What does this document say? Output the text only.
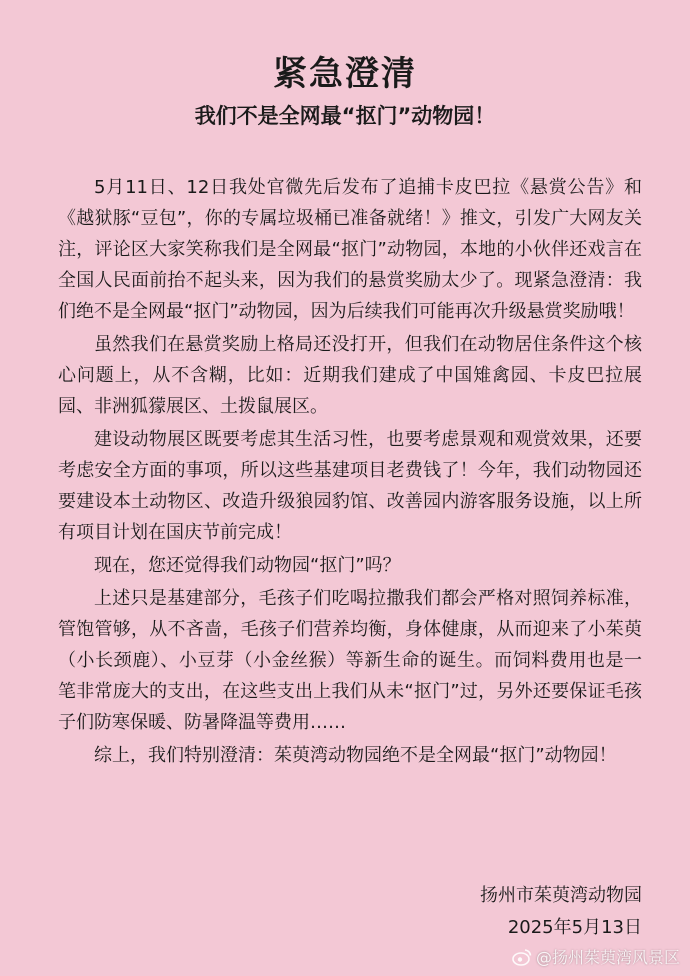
紧急澄清
我们不是全网最“抠门”动物园！

5月11日、12日我处官微先后发布了追捕卡皮巴拉《悬赏公告》和《越狱豚“豆包”，你的专属垃圾桶已准备就绪！》推文，引发广大网友关注，评论区大家笑称我们是全网最“抠门”动物园，本地的小伙伴还戏言在全国人民面前抬不起头来，因为我们的悬赏奖励太少了。现紧急澄清：我们绝不是全网最“抠门”动物园，因为后续我们可能再次升级悬赏奖励哦！

虽然我们在悬赏奖励上格局还没打开，但我们在动物居住条件这个核心问题上，从不含糊，比如：近期我们建成了中国雉禽园、卡皮巴拉展园、非洲狐獴展区、土拨鼠展区。

建设动物展区既要考虑其生活习性，也要考虑景观和观赏效果，还要考虑安全方面的事项，所以这些基建项目老费钱了！今年，我们动物园还要建设本土动物区、改造升级狼园豹馆、改善园内游客服务设施，以上所有项目计划在国庆节前完成！

现在，您还觉得我们动物园“抠门”吗？

上述只是基建部分，毛孩子们吃喝拉撒我们都会严格对照饲养标准，管饱管够，从不吝啬，毛孩子们营养均衡，身体健康，从而迎来了小茱萸（小长颈鹿）、小豆芽（小金丝猴）等新生命的诞生。而饲料费用也是一笔非常庞大的支出，在这些支出上我们从未“抠门”过，另外还要保证毛孩子们防寒保暖、防暑降温等费用……

综上，我们特别澄清：茱萸湾动物园绝不是全网最“抠门”动物园！

扬州市茱萸湾动物园
2025年5月13日
@扬州茱萸湾风景区
